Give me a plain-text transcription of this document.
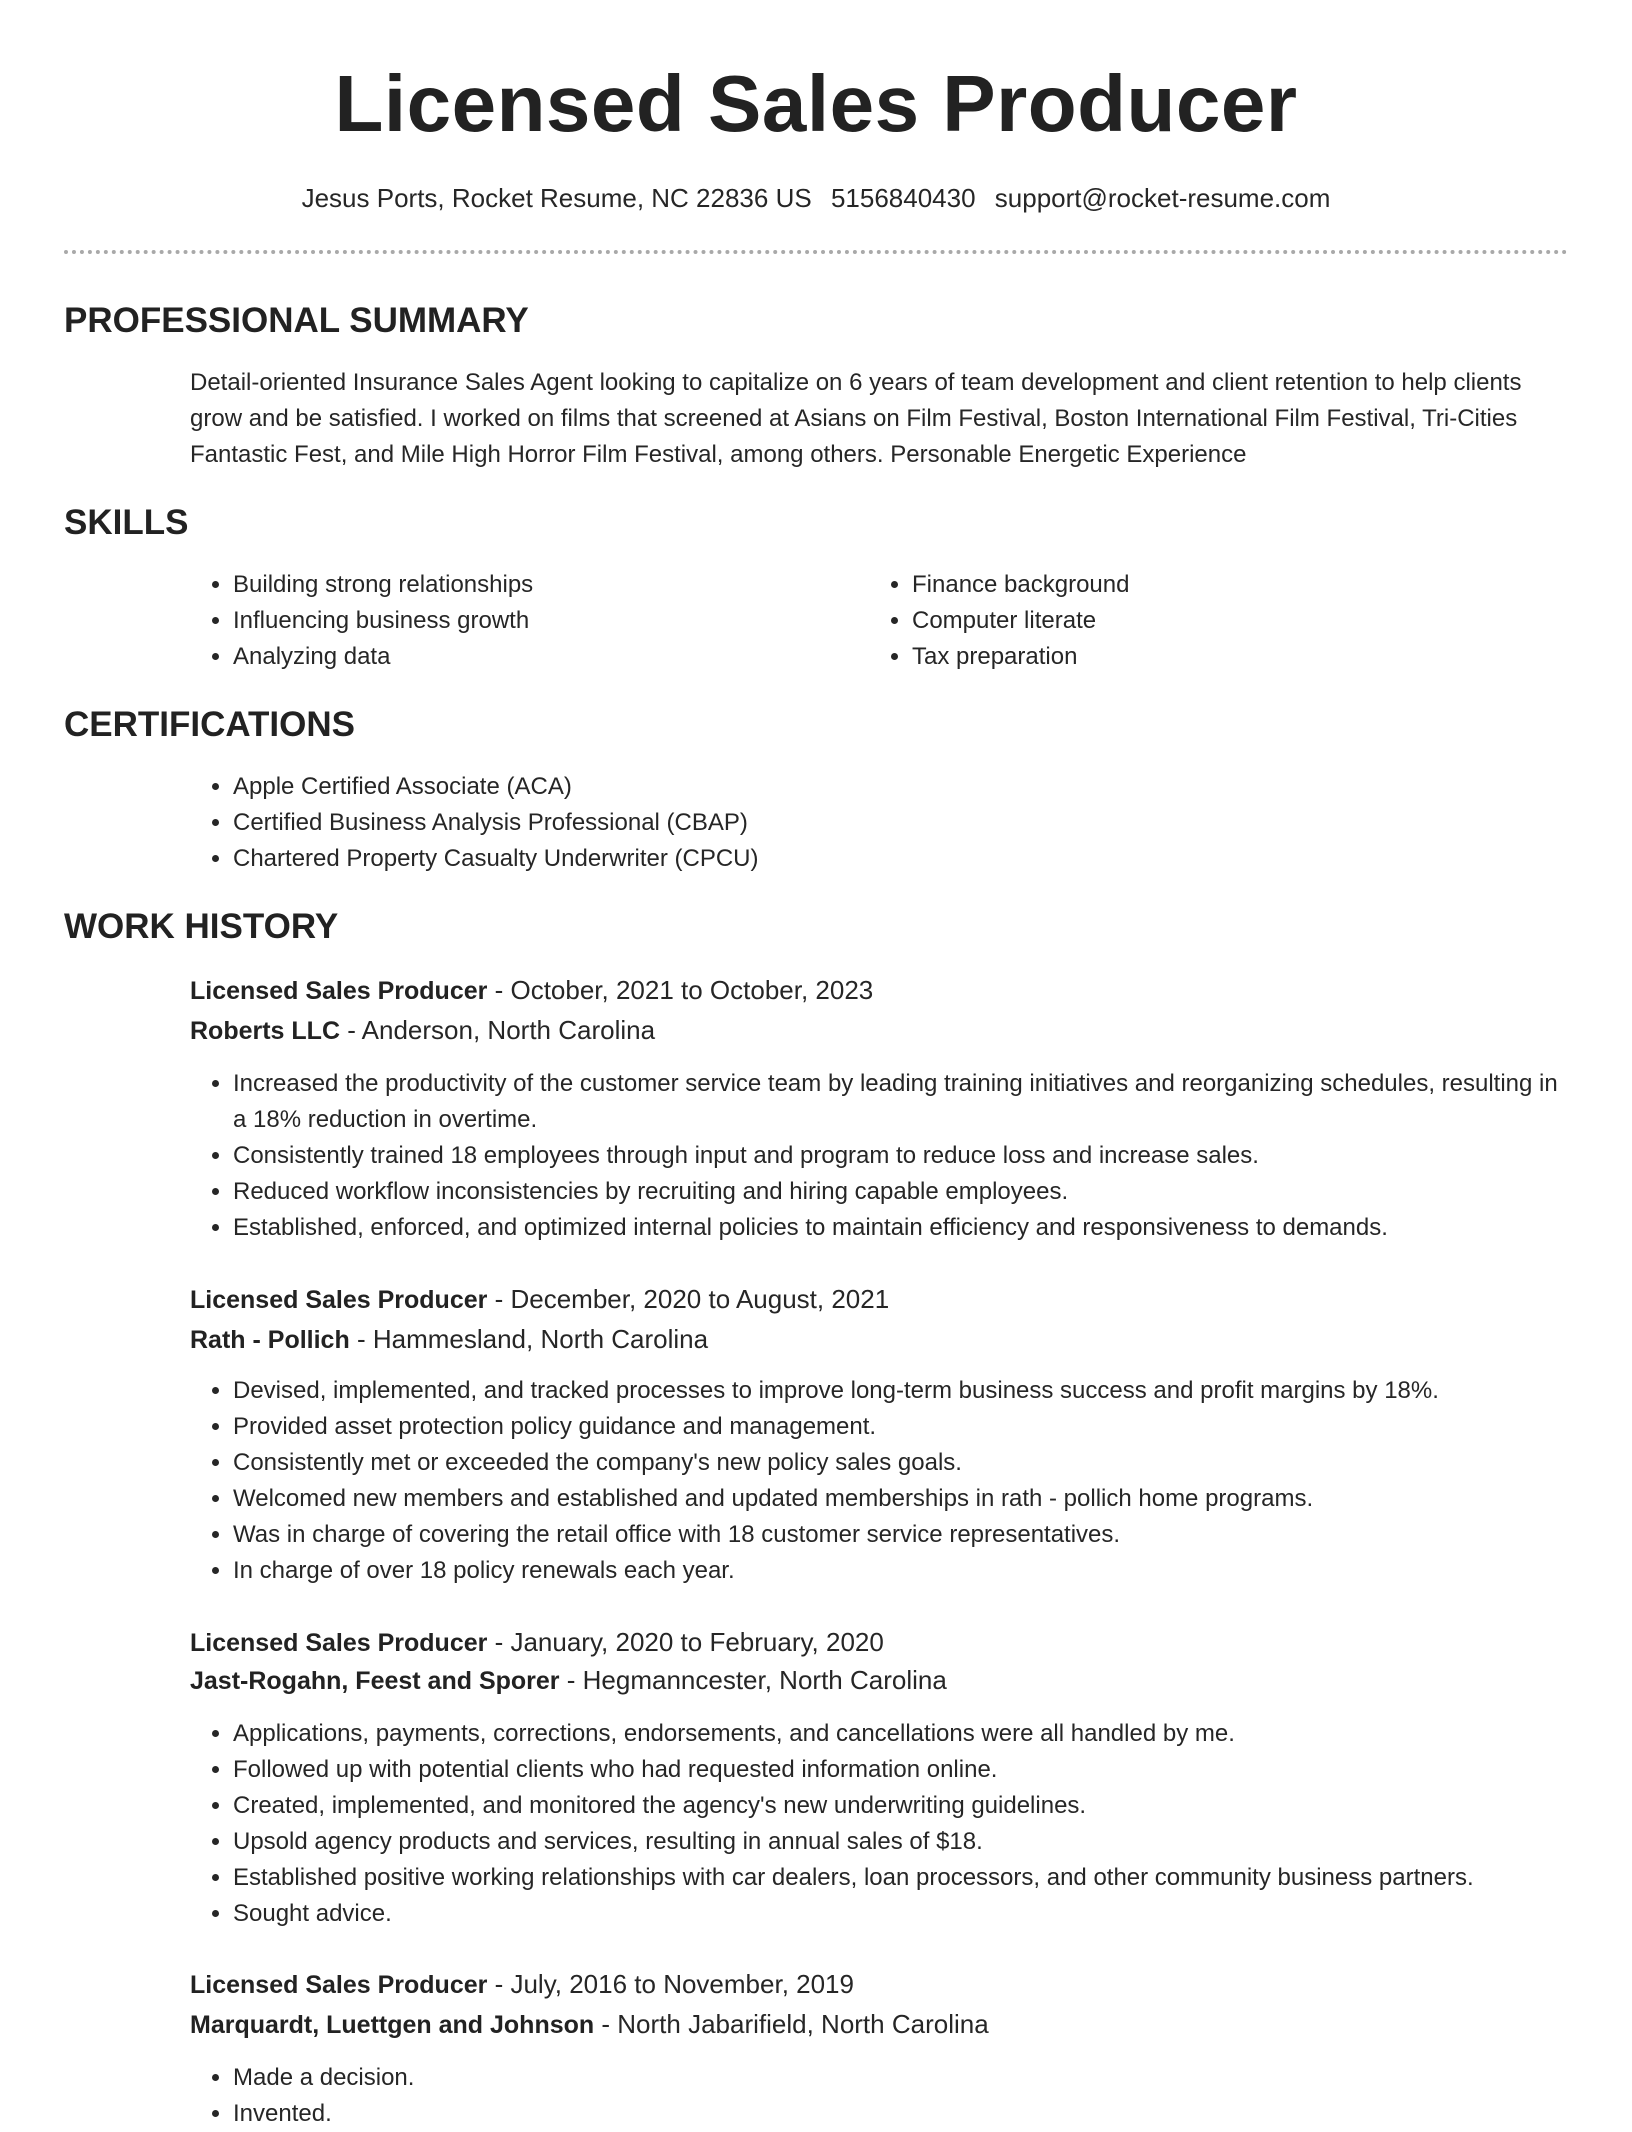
Licensed Sales Producer
Jesus Ports, Rocket Resume, NC 22836 US 5156840430 support@rocket-resume.com
PROFESSIONAL SUMMARY

Detail-oriented Insurance Sales Agent looking to capitalize on 6 years of team development and client retention to help clients grow and be satisfied. I worked on films that screened at Asians on Film Festival, Boston International Film Festival, Tri-Cities Fantastic Fest, and Mile High Horror Film Festival, among others. Personable Energetic Experience

SKILLS
• Building strong relationships
• Influencing business growth
• Analyzing data
• Finance background
• Computer literate
• Tax preparation
CERTIFICATIONS
• Apple Certified Associate (ACA)
• Certified Business Analysis Professional (CBAP)
• Chartered Property Casualty Underwriter (CPCU)
WORK HISTORY
Licensed Sales Producer - October, 2021 to October, 2023
Roberts LLC - Anderson, North Carolina
• Increased the productivity of the customer service team by leading training initiatives and reorganizing schedules, resulting in a 18% reduction in overtime.
• Consistently trained 18 employees through input and program to reduce loss and increase sales.
• Reduced workflow inconsistencies by recruiting and hiring capable employees.
• Established, enforced, and optimized internal policies to maintain efficiency and responsiveness to demands.
Licensed Sales Producer - December, 2020 to August, 2021
Rath - Pollich - Hammesland, North Carolina
• Devised, implemented, and tracked processes to improve long-term business success and profit margins by 18%.
• Provided asset protection policy guidance and management.
• Consistently met or exceeded the company's new policy sales goals.
• Welcomed new members and established and updated memberships in rath - pollich home programs.
• Was in charge of covering the retail office with 18 customer service representatives.
• In charge of over 18 policy renewals each year.
Licensed Sales Producer - January, 2020 to February, 2020
Jast-Rogahn, Feest and Sporer - Hegmanncester, North Carolina
• Applications, payments, corrections, endorsements, and cancellations were all handled by me.
• Followed up with potential clients who had requested information online.
• Created, implemented, and monitored the agency's new underwriting guidelines.
• Upsold agency products and services, resulting in annual sales of $18.
• Established positive working relationships with car dealers, loan processors, and other community business partners.
• Sought advice.
Licensed Sales Producer - July, 2016 to November, 2019
Marquardt, Luettgen and Johnson - North Jabarifield, North Carolina
• Made a decision.
• Invented.
